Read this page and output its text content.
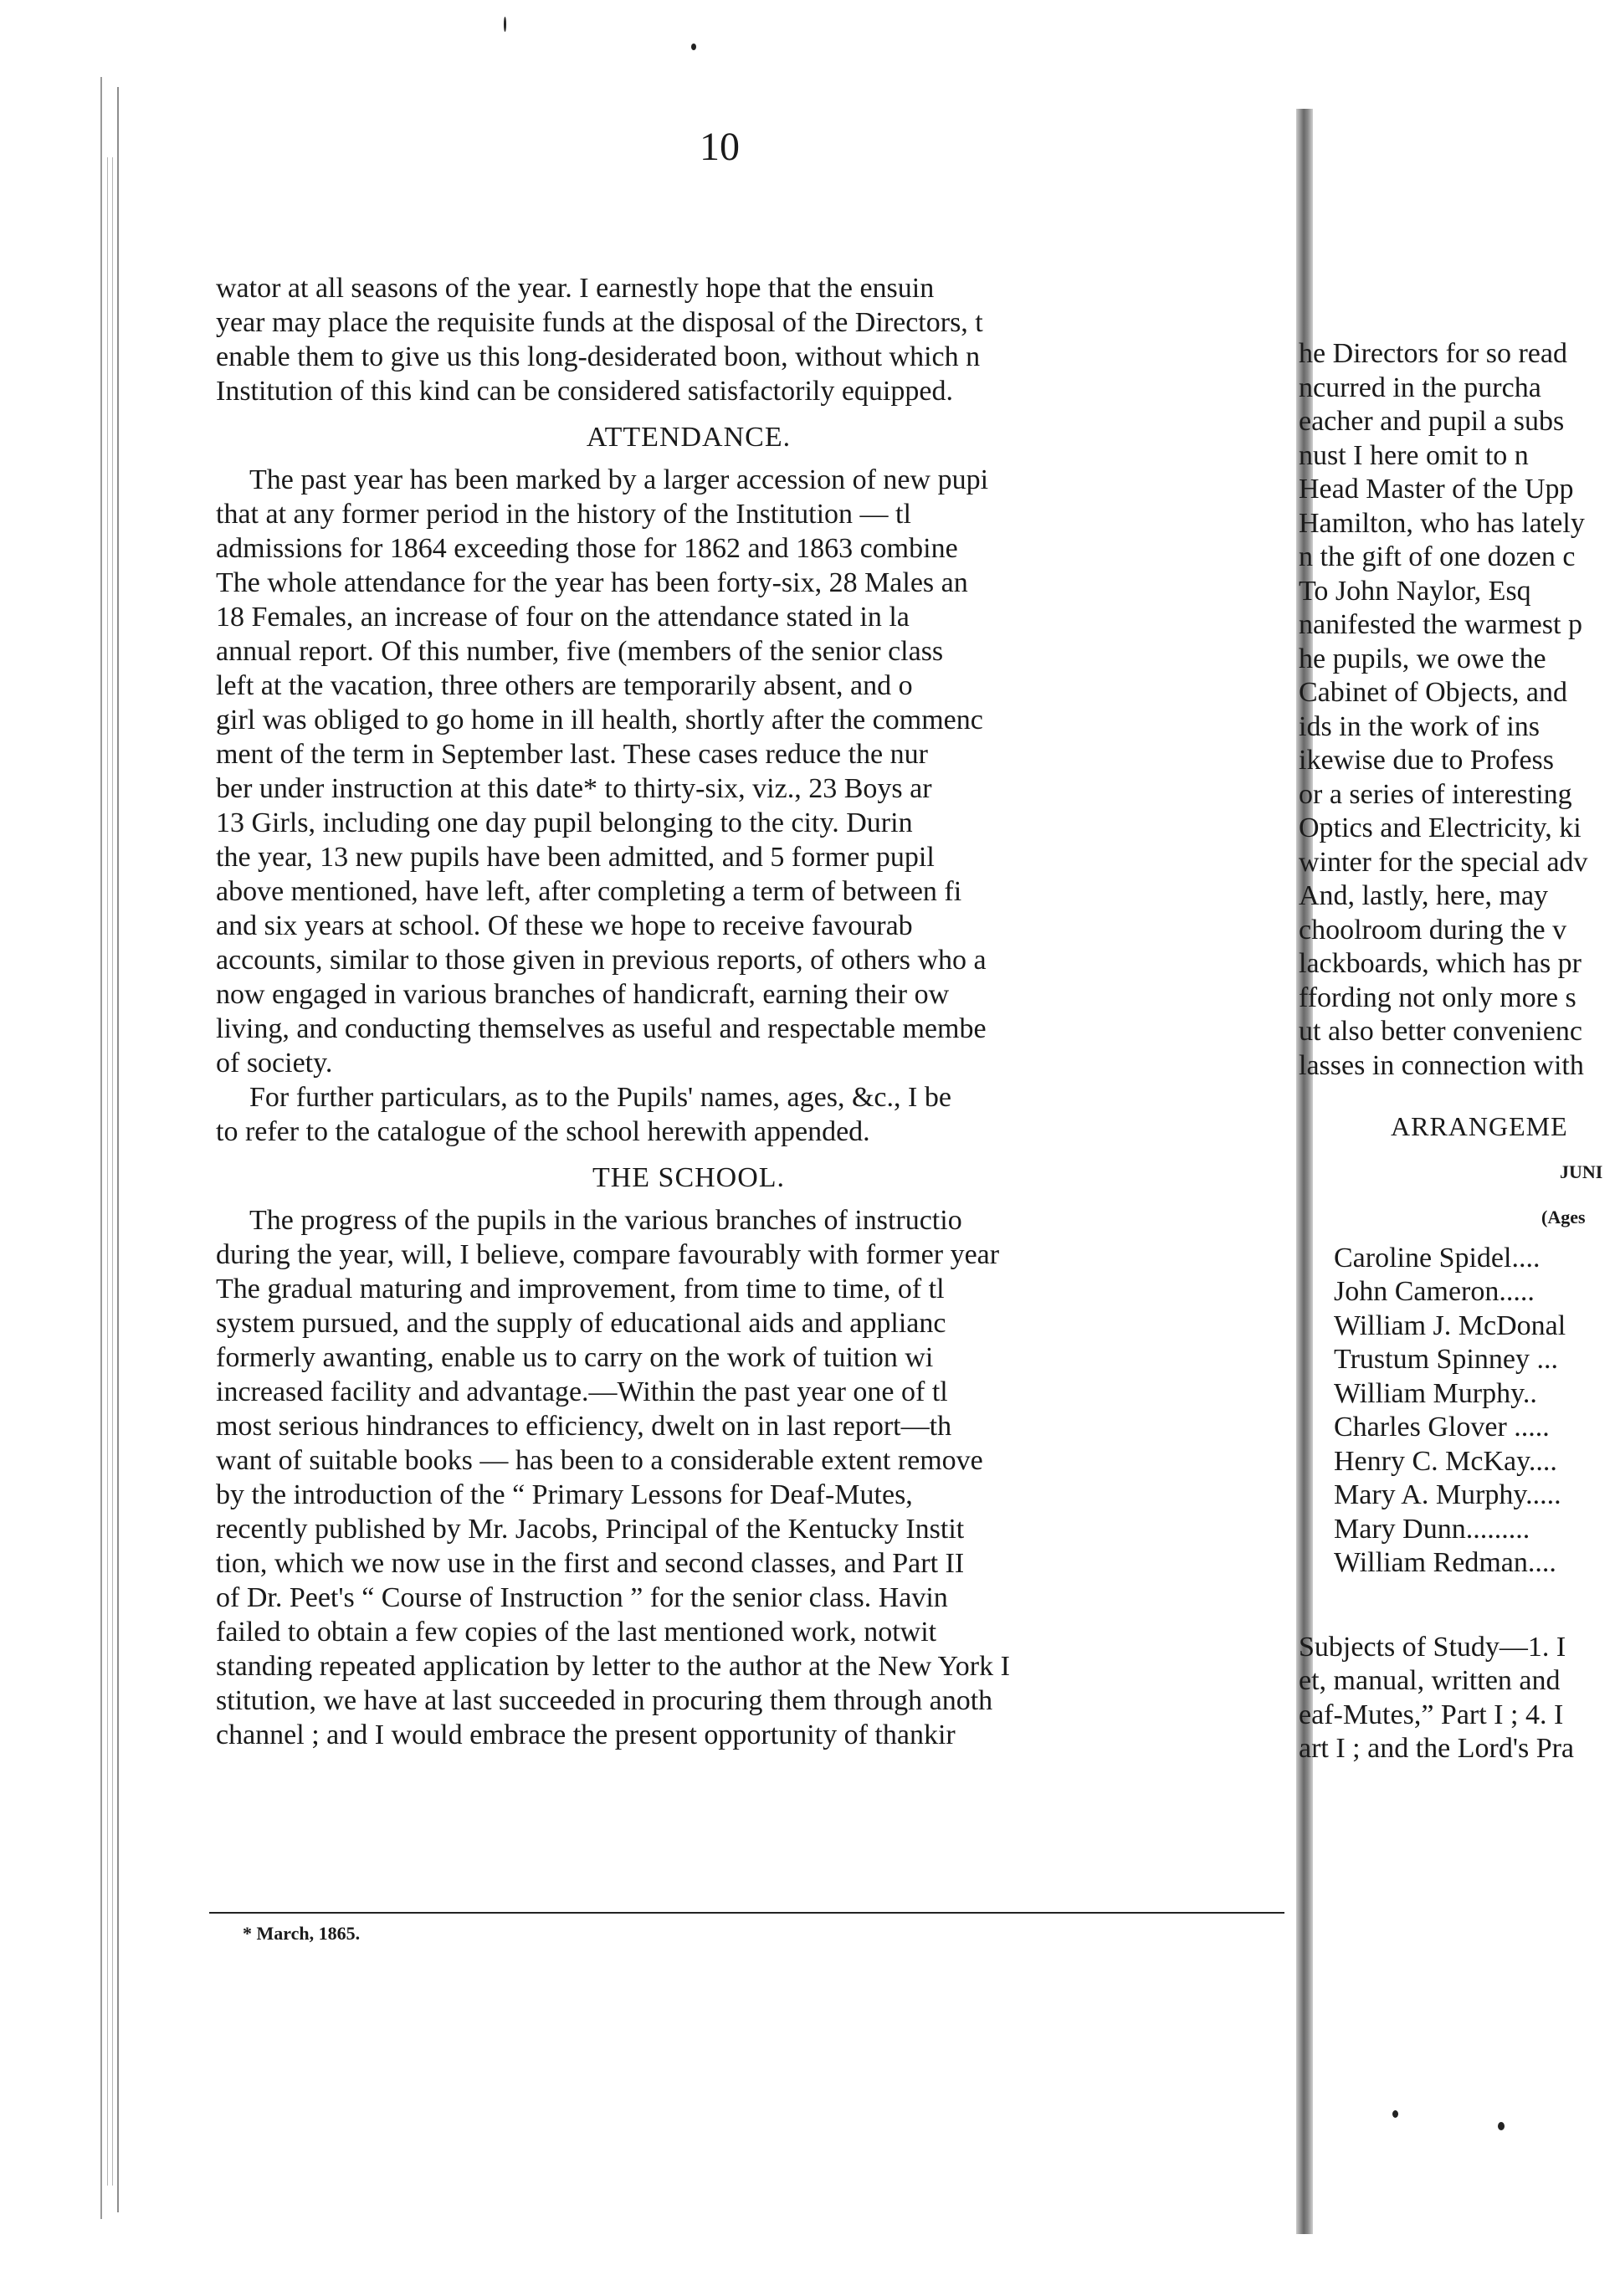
10
wator at all seasons of the year. I earnestly hope that the ensuin
year may place the requisite funds at the disposal of the Directors, t
enable them to give us this long-desiderated boon, without which n
Institution of this kind can be considered satisfactorily equipped.
ATTENDANCE.
The past year has been marked by a larger accession of new pupi
that at any former period in the history of the Institution — tl
admissions for 1864 exceeding those for 1862 and 1863 combine
The whole attendance for the year has been forty-six, 28 Males an
18 Females, an increase of four on the attendance stated in la
annual report. Of this number, five (members of the senior class
left at the vacation, three others are temporarily absent, and o
girl was obliged to go home in ill health, shortly after the commenc
ment of the term in September last. These cases reduce the nur
ber under instruction at this date* to thirty-six, viz., 23 Boys ar
13 Girls, including one day pupil belonging to the city. Durin
the year, 13 new pupils have been admitted, and 5 former pupil
above mentioned, have left, after completing a term of between fi
and six years at school. Of these we hope to receive favourab
accounts, similar to those given in previous reports, of others who a
now engaged in various branches of handicraft, earning their ow
living, and conducting themselves as useful and respectable membe
of society.
For further particulars, as to the Pupils' names, ages, &c., I be
to refer to the catalogue of the school herewith appended.
THE SCHOOL.
The progress of the pupils in the various branches of instructio
during the year, will, I believe, compare favourably with former year
The gradual maturing and improvement, from time to time, of tl
system pursued, and the supply of educational aids and applianc
formerly awanting, enable us to carry on the work of tuition wi
increased facility and advantage.—Within the past year one of tl
most serious hindrances to efficiency, dwelt on in last report—th
want of suitable books — has been to a considerable extent remove
by the introduction of the “ Primary Lessons for Deaf-Mutes,
recently published by Mr. Jacobs, Principal of the Kentucky Instit
tion, which we now use in the first and second classes, and Part II
of Dr. Peet's “ Course of Instruction ” for the senior class. Havin
failed to obtain a few copies of the last mentioned work, notwit
standing repeated application by letter to the author at the New York I
stitution, we have at last succeeded in procuring them through anoth
channel ; and I would embrace the present opportunity of thankir
* March, 1865.
he Directors for so read
ncurred in the purcha
eacher and pupil a subs
nust I here omit to n
Head Master of the Upp
Hamilton, who has lately
n the gift of one dozen c
To John Naylor, Esq
nanifested the warmest p
he pupils, we owe the
Cabinet of Objects, and
ids in the work of ins
ikewise due to Profess
or a series of interesting
Optics and Electricity, ki
winter for the special adv
And, lastly, here, may
choolroom during the v
lackboards, which has pr
ffording not only more s
ut also better convenienc
lasses in connection with
ARRANGEME
JUNI
(Ages
Caroline Spidel....
John Cameron.....
William J. McDonal
Trustum Spinney ...
William Murphy..
Charles Glover .....
Henry C. McKay....
Mary A. Murphy.....
Mary Dunn.........
William Redman....
Subjects of Study—1. I
et, manual, written and
eaf-Mutes,” Part I ; 4. I
art I ; and the Lord's Pra
